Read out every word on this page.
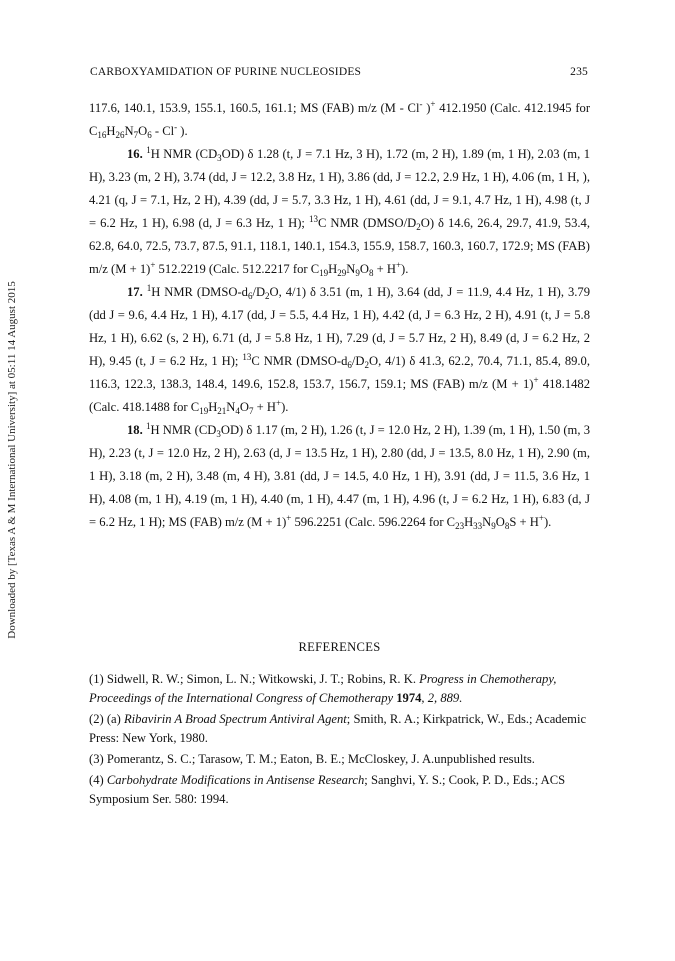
CARBOXYAMIDATION OF PURINE NUCLEOSIDES	235
Downloaded by [Texas A & M International University] at 05:11 14 August 2015

117.6, 140.1, 153.9, 155.1, 160.5, 161.1; MS (FAB) m/z (M - Cl- )+ 412.1950 (Calc. 412.1945 for $C_{16}H_{26}N_7O_6 - Cl^-$ ).

16. $^1$H NMR $(CD_3OD)$ δ 1.28 (t, J = 7.1 Hz, 3 H), 1.72 (m, 2 H), 1.89 (m, 1 H), 2.03 (m, 1 H), 3.23 (m, 2 H), 3.74 (dd, J = 12.2, 3.8 Hz, 1 H), 3.86 (dd, J = 12.2, 2.9 Hz, 1 H), 4.06 (m, 1 H, ), 4.21 (q, J = 7.1, Hz, 2 H), 4.39 (dd, J = 5.7, 3.3 Hz, 1 H), 4.61 (dd, J = 9.1, 4.7 Hz, 1 H), 4.98 (t, J = 6.2 Hz, 1 H), 6.98 (d, J = 6.3 Hz, 1 H); $^{13}$C NMR $(DMSO/D_2O)$ δ 14.6, 26.4, 29.7, 41.9, 53.4, 62.8, 64.0, 72.5, 73.7, 87.5, 91.1, 118.1, 140.1, 154.3, 155.9, 158.7, 160.3, 160.7, 172.9; MS (FAB) m/z (M + 1)+ 512.2219 (Calc. 512.2217 for $C_{19}H_{29}N_9O_8 + H^+$).

17. $^1$H NMR ($DMSO-d_6/D_2O$, 4/1) δ 3.51 (m, 1 H), 3.64 (dd, J = 11.9, 4.4 Hz, 1 H), 3.79 (dd J = 9.6, 4.4 Hz, 1 H), 4.17 (dd, J = 5.5, 4.4 Hz, 1 H), 4.42 (d, J = 6.3 Hz, 2 H), 4.91 (t, J = 5.8 Hz, 1 H), 6.62 (s, 2 H), 6.71 (d, J = 5.8 Hz, 1 H), 7.29 (d, J = 5.7 Hz, 2 H), 8.49 (d, J = 6.2 Hz, 2 H), 9.45 (t, J = 6.2 Hz, 1 H); $^{13}$C NMR ($DMSO-d_6/D_2O$, 4/1) δ 41.3, 62.2, 70.4, 71.1, 85.4, 89.0, 116.3, 122.3, 138.3, 148.4, 149.6, 152.8, 153.7, 156.7, 159.1; MS (FAB) m/z (M + 1)+ 418.1482 (Calc. 418.1488 for $C_{19}H_{21}N_4O_7 + H^+$).

18. $^1$H NMR $(CD_3OD)$ δ 1.17 (m, 2 H), 1.26 (t, J = 12.0 Hz, 2 H), 1.39 (m, 1 H), 1.50 (m, 3 H), 2.23 (t, J = 12.0 Hz, 2 H), 2.63 (d, J = 13.5 Hz, 1 H), 2.80 (dd, J = 13.5, 8.0 Hz, 1 H), 2.90 (m, 1 H), 3.18 (m, 2 H), 3.48 (m, 4 H), 3.81 (dd, J = 14.5, 4.0 Hz, 1 H), 3.91 (dd, J = 11.5, 3.6 Hz, 1 H), 4.08 (m, 1 H), 4.19 (m, 1 H), 4.40 (m, 1 H), 4.47 (m, 1 H), 4.96 (t, J = 6.2 Hz, 1 H), 6.83 (d, J = 6.2 Hz, 1 H); MS (FAB) m/z (M + 1)+ 596.2251 (Calc. 596.2264 for $C_{23}H_{33}N_9O_8S + H^+$).

REFERENCES

(1) Sidwell, R. W.; Simon, L. N.; Witkowski, J. T.; Robins, R. K. Progress in Chemotherapy, Proceedings of the International Congress of Chemotherapy 1974, 2, 889.

(2) (a) Ribavirin A Broad Spectrum Antiviral Agent; Smith, R. A.; Kirkpatrick, W., Eds.; Academic Press: New York, 1980.

(3) Pomerantz, S. C.; Tarasow, T. M.; Eaton, B. E.; McCloskey, J. A.unpublished results.

(4) Carbohydrate Modifications in Antisense Research; Sanghvi, Y. S.; Cook, P. D., Eds.; ACS Symposium Ser. 580: 1994.
